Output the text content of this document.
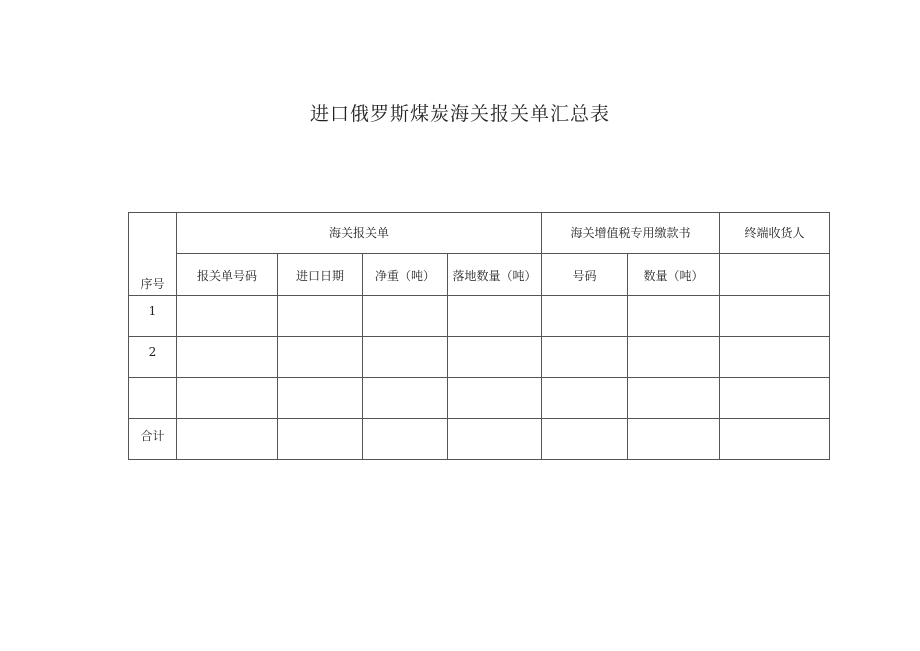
进口俄罗斯煤炭海关报关单汇总表
序号	海关报关单				海关增值税专用缴款书		终端收货人
	报关单号码	进口日期	净重（吨）	落地数量（吨）	号码	数量（吨）	
1							
2							

合计							
